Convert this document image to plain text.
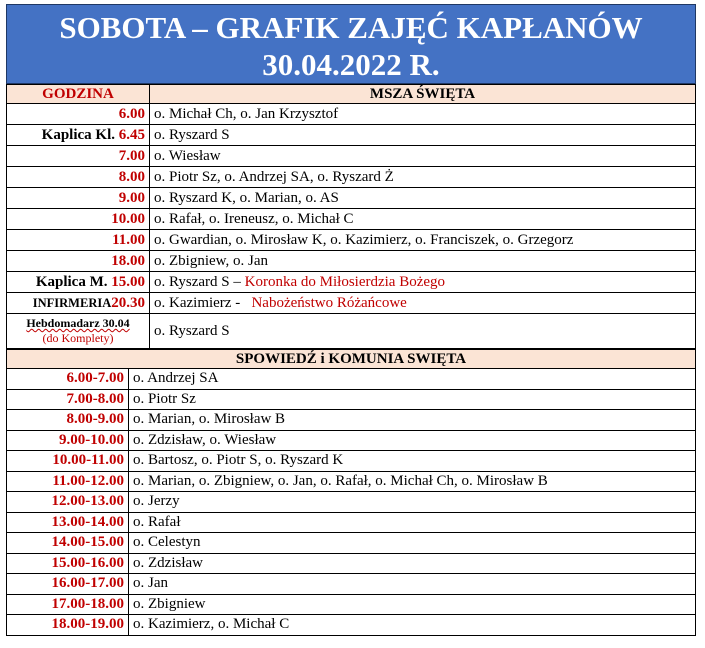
SOBOTA – GRAFIK ZAJĘĆ KAPŁANÓW
30.04.2022 R.
GODZINA	MSZA ŚWIĘTA
6.00	o. Michał Ch, o. Jan Krzysztof
Kaplica Kl. 6.45	o. Ryszard S
7.00	o. Wiesław
8.00	o. Piotr Sz, o. Andrzej SA, o. Ryszard Ż
9.00	o. Ryszard K, o. Marian, o. AS
10.00	o. Rafał, o. Ireneusz, o. Michał C
11.00	o. Gwardian, o. Mirosław K, o. Kazimierz, o. Franciszek, o. Grzegorz
18.00	o. Zbigniew, o. Jan
Kaplica M. 15.00	o. Ryszard S – Koronka do Miłosierdzia Bożego
INFIRMERIA20.30	o. Kazimierz -   Nabożeństwo Różańcowe

Hebdomadarz 30.04
(do Komplety)	o. Ryszard S
SPOWIEDŹ i KOMUNIA SWIĘTA	
6.00-7.00	o. Andrzej SA
7.00-8.00	o. Piotr Sz
8.00-9.00	o. Marian, o. Mirosław B
9.00-10.00	o. Zdzisław, o. Wiesław
10.00-11.00	o. Bartosz, o. Piotr S, o. Ryszard K
11.00-12.00	o. Marian, o. Zbigniew, o. Jan, o. Rafał, o. Michał Ch, o. Mirosław B
12.00-13.00	o. Jerzy
13.00-14.00	o. Rafał
14.00-15.00	o. Celestyn
15.00-16.00	o. Zdzisław
16.00-17.00	o. Jan
17.00-18.00	o. Zbigniew
18.00-19.00	o. Kazimierz, o. Michał C
